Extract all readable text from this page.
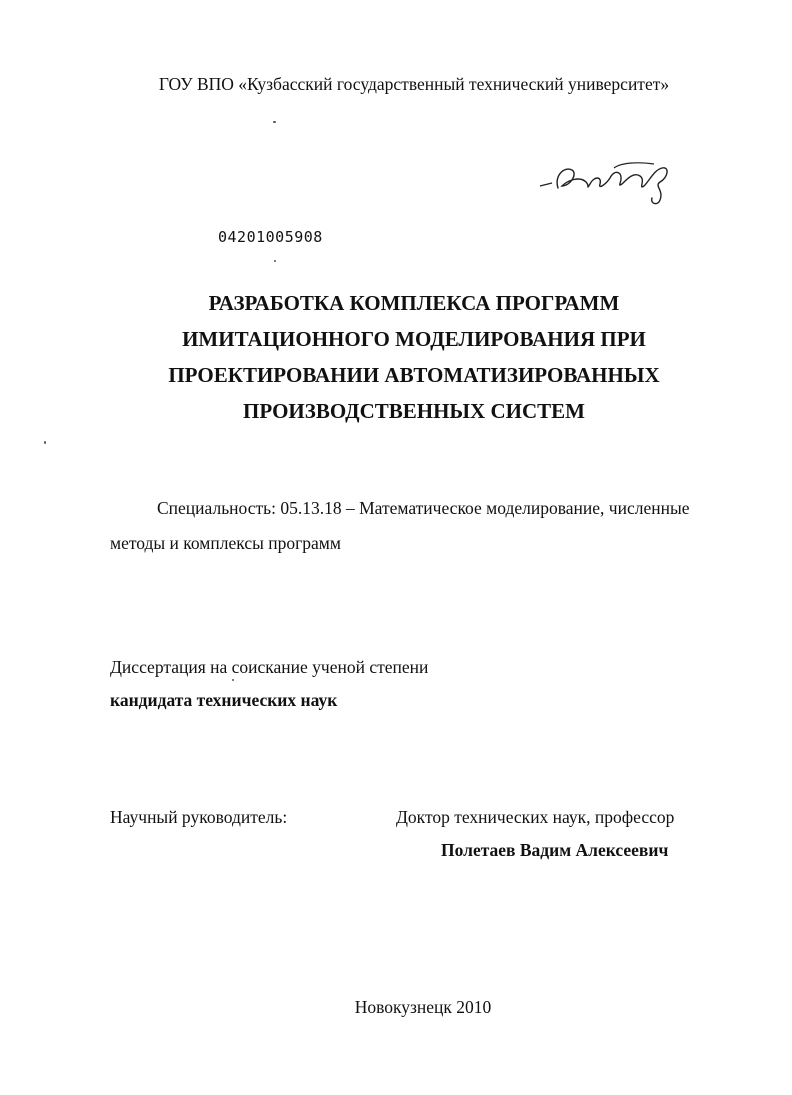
ГОУ ВПО «Кузбасский государственный технический университет»
04201005908
РАЗРАБОТКА КОМПЛЕКСА ПРОГРАММ
ИМИТАЦИОННОГО МОДЕЛИРОВАНИЯ ПРИ
ПРОЕКТИРОВАНИИ АВТОМАТИЗИРОВАННЫХ
ПРОИЗВОДСТВЕННЫХ СИСТЕМ
Специальность: 05.13.18 – Математическое моделирование, численные
методы и комплексы программ
Диссертация на соискание ученой степени
кандидата технических наук
Научный руководитель:	Доктор технических наук, профессор
Полетаев Вадим Алексеевич
Новокузнецк 2010
